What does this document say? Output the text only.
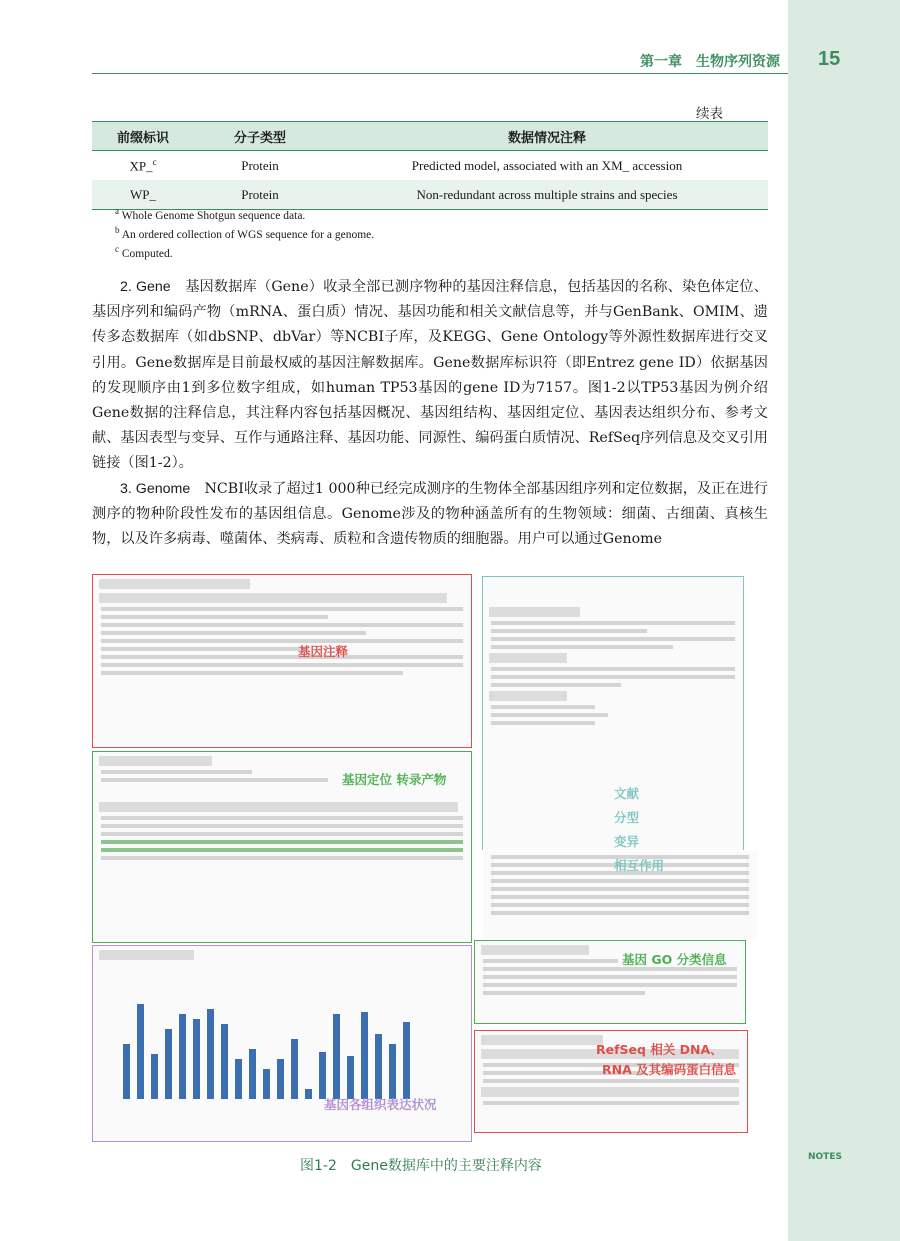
15
第一章　生物序列资源
续表
前缀标识	分子类型	数据情况注释
XP_$^c$	Protein	Predicted model, associated with an XM_ accession
WP_	Protein	Non-redundant across multiple strains and species
$^a$ Whole Genome Shotgun sequence data.
$^b$ An ordered collection of WGS sequence for a genome.
$^c$ Computed.
2. Gene　 基因数据库（Gene）收录全部已测序物种的基因注释信息，包括基因的名称、染色体定位、基因序列和编码产物（mRNA、蛋白质）情况、基因功能和相关文献信息等，并与GenBank、OMIM、遗传多态数据库（如dbSNP、dbVar）等NCBI子库，及KEGG、Gene Ontology等外源性数据库进行交叉引用。Gene数据库是目前最权威的基因注解数据库。Gene数据库标识符（即Entrez gene ID）依据基因的发现顺序由1到多位数字组成，如human TP53基因的gene ID为7157。图1-2以TP53基因为例介绍Gene数据的注释信息，其注释内容包括基因概况、基因组结构、基因组定位、基因表达组织分布、参考文献、基因表型与变异、互作与通路注释、基因功能、同源性、编码蛋白质情况、RefSeq序列信息及交叉引用链接（图1-2）。
3. Genome　 NCBI收录了超过1 000种已经完成测序的生物体全部基因组序列和定位数据，及正在进行测序的物种阶段性发布的基因组信息。Genome涉及的物种涵盖所有的生物领域：细菌、古细菌、真核生物，以及许多病毒、噬菌体、类病毒、质粒和含遗传物质的细胞器。用户可以通过Genome
基因注释
基因定位 转录产物
基因各组织表达状况
文献
分型
变异
相互作用
基因 GO 分类信息
RefSeq 相关 DNA、
RNA 及其编码蛋白信息
图1-2　Gene数据库中的主要注释内容
NOTES
